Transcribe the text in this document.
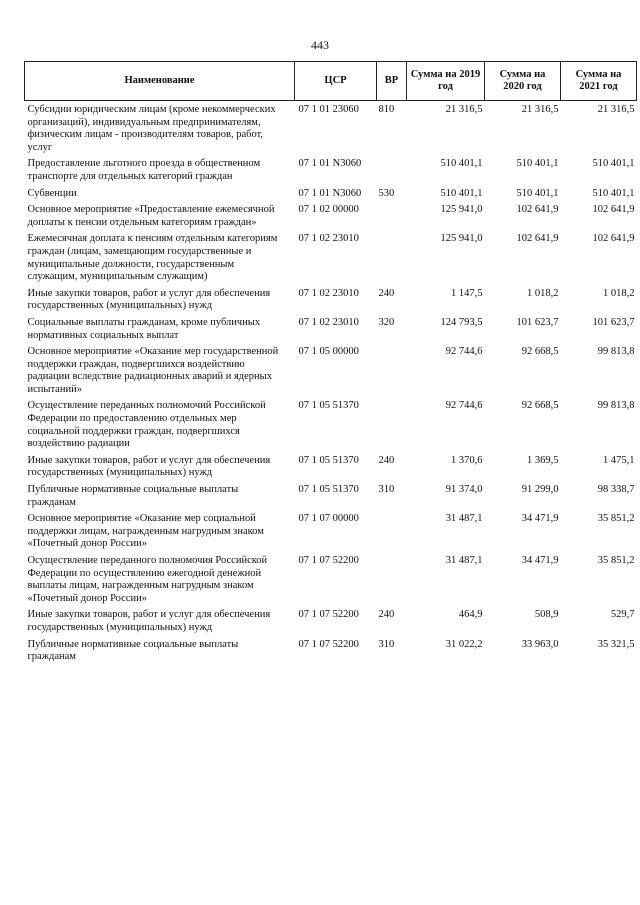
443
Наименование	ЦСР	ВР	Сумма на 2019 год	Сумма на 2020 год	Сумма на 2021 год
Субсидии юридическим лицам (кроме некоммерческих организаций), индивидуальным предпринимателям, физическим лицам - производителям товаров, работ, услуг	07 1 01 23060	810	21 316,5	21 316,5	21 316,5
Предоставление льготного проезда в общественном транспорте для отдельных категорий граждан	07 1 01 N3060		510 401,1	510 401,1	510 401,1
Субвенции	07 1 01 N3060	530	510 401,1	510 401,1	510 401,1
Основное мероприятие «Предоставление ежемесячной доплаты к пенсии отдельным категориям граждан»	07 1 02 00000		125 941,0	102 641,9	102 641,9
Ежемесячная доплата к пенсиям отдельным категориям граждан (лицам, замещающим государственные и муниципальные должности, государственным служащим, муниципальным служащим)	07 1 02 23010		125 941,0	102 641,9	102 641,9
Иные закупки товаров, работ и услуг для обеспечения государственных (муниципальных) нужд	07 1 02 23010	240	1 147,5	1 018,2	1 018,2
Социальные выплаты гражданам, кроме публичных нормативных социальных выплат	07 1 02 23010	320	124 793,5	101 623,7	101 623,7
Основное мероприятие «Оказание мер государственной поддержки граждан, подвергшихся воздействию радиации вследствие радиационных аварий и ядерных испытаний»	07 1 05 00000		92 744,6	92 668,5	99 813,8
Осуществление переданных полномочий Российской Федерации по предоставлению отдельных мер социальной поддержки граждан, подвергшихся воздействию радиации	07 1 05 51370		92 744,6	92 668,5	99 813,8
Иные закупки товаров, работ и услуг для обеспечения государственных (муниципальных) нужд	07 1 05 51370	240	1 370,6	1 369,5	1 475,1
Публичные нормативные социальные выплаты гражданам	07 1 05 51370	310	91 374,0	91 299,0	98 338,7
Основное мероприятие «Оказание мер социальной поддержки лицам, награжденным нагрудным знаком «Почетный донор России»	07 1 07 00000		31 487,1	34 471,9	35 851,2
Осуществление переданного полномочия Российской Федерации по осуществлению ежегодной денежной выплаты лицам, награжденным нагрудным знаком «Почетный донор России»	07 1 07 52200		31 487,1	34 471,9	35 851,2
Иные закупки товаров, работ и услуг для обеспечения государственных (муниципальных) нужд	07 1 07 52200	240	464,9	508,9	529,7
Публичные нормативные социальные выплаты гражданам	07 1 07 52200	310	31 022,2	33 963,0	35 321,5
